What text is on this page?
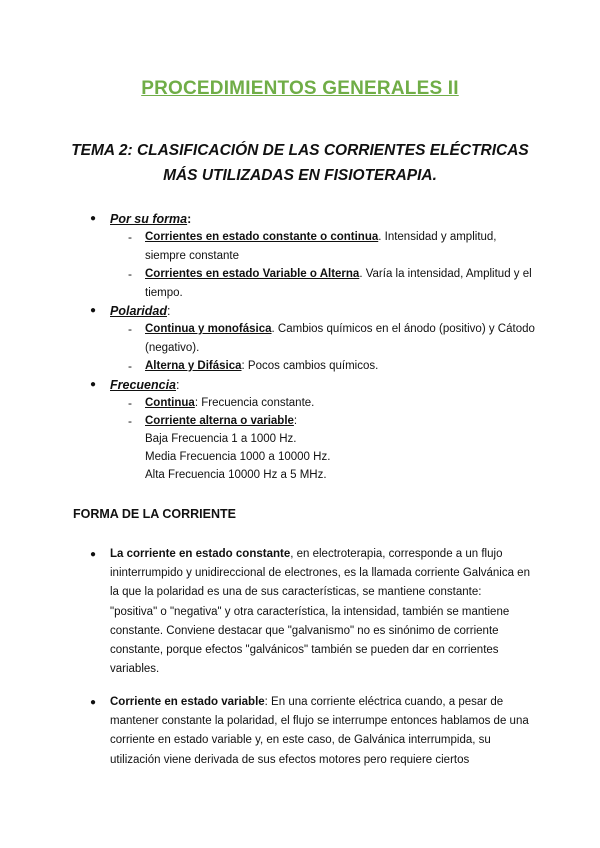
PROCEDIMIENTOS GENERALES II
TEMA 2: CLASIFICACIÓN DE LAS CORRIENTES ELÉCTRICAS MÁS UTILIZADAS EN FISIOTERAPIA.
● Por su forma:
- Corrientes en estado constante o continua. Intensidad y amplitud, siempre constante
- Corrientes en estado Variable o Alterna. Varía la intensidad, Amplitud y el tiempo.
● Polaridad:
- Continua y monofásica. Cambios químicos en el ánodo (positivo) y Cátodo (negativo).
- Alterna y Difásica: Pocos cambios químicos.
● Frecuencia:
- Continua: Frecuencia constante.
- Corriente alterna o variable:
Baja Frecuencia 1 a 1000 Hz.
Media Frecuencia 1000 a 10000 Hz.
Alta Frecuencia 10000 Hz a 5 MHz.
FORMA DE LA CORRIENTE
● La corriente en estado constante, en electroterapia, corresponde a un flujo ininterrumpido y unidireccional de electrones, es la llamada corriente Galvánica en la que la polaridad es una de sus características, se mantiene constante: "positiva" o "negativa" y otra característica, la intensidad, también se mantiene constante. Conviene destacar que "galvanismo" no es sinónimo de corriente constante, porque efectos "galvánicos" también se pueden dar en corrientes variables.
● Corriente en estado variable: En una corriente eléctrica cuando, a pesar de mantener constante la polaridad, el flujo se interrumpe entonces hablamos de una corriente en estado variable y, en este caso, de Galvánica interrumpida, su utilización viene derivada de sus efectos motores pero requiere ciertos
